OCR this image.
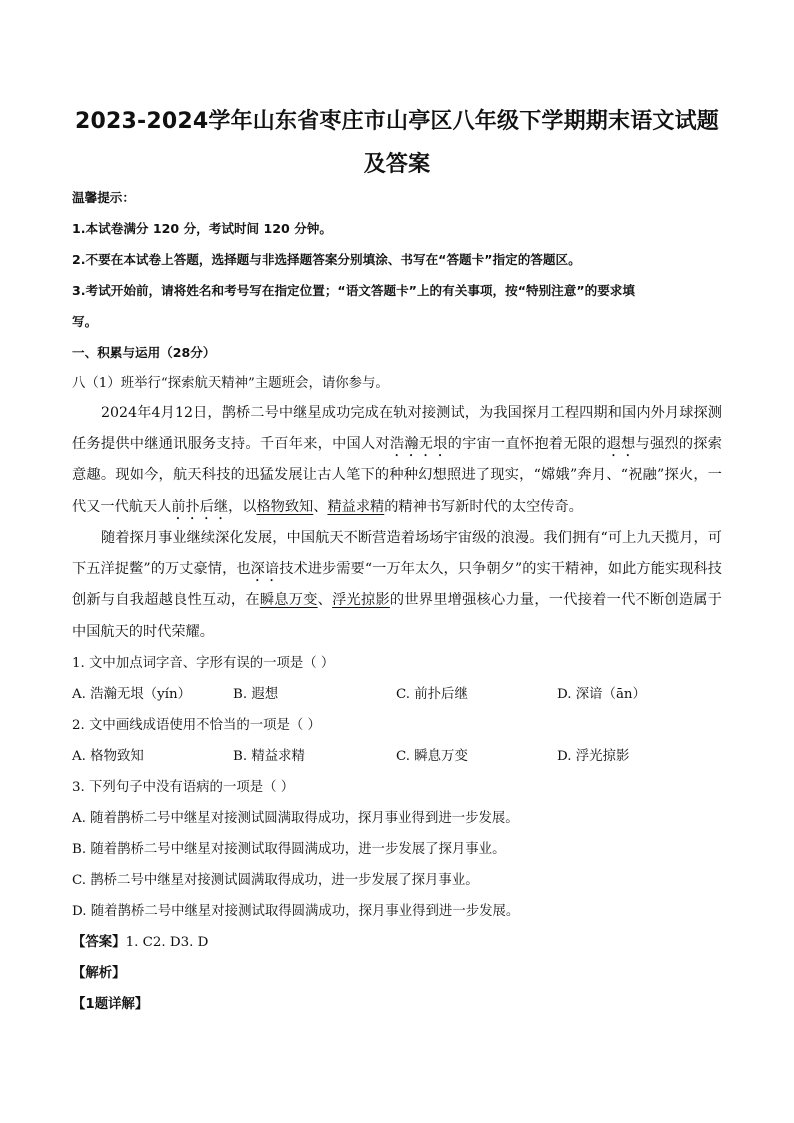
2023-2024学年山东省枣庄市山亭区八年级下学期期末语文试题及答案
温馨提示：
1.本试卷满分 120 分，考试时间 120 分钟。
2.不要在本试卷上答题，选择题与非选择题答案分别填涂、书写在“答题卡”指定的答题区。
3.考试开始前，请将姓名和考号写在指定位置；“语文答题卡”上的有关事项，按“特别注意”的要求填
写。
一、积累与运用（28分）
八（1）班举行“探索航天精神”主题班会，请你参与。
2024年4月12日，鹊桥二号中继星成功完成在轨对接测试，为我国探月工程四期和国内外月球探测任务提供中继通讯服务支持。千百年来，中国人对浩瀚无垠的宇宙一直怀抱着无限的遐想与强烈的探索意趣。现如今，航天科技的迅猛发展让古人笔下的种种幻想照进了现实，“嫦娥”奔月、“祝融”探火，一代又一代航天人前扑后继，以格物致知、精益求精的精神书写新时代的太空传奇。
随着探月事业继续深化发展，中国航天不断营造着场场宇宙级的浪漫。我们拥有“可上九天揽月，可下五洋捉鳖”的万丈豪情，也深谙技术进步需要“一万年太久，只争朝夕”的实干精神，如此方能实现科技创新与自我超越良性互动，在瞬息万变、浮光掠影的世界里增强核心力量，一代接着一代不断创造属于中国航天的时代荣耀。
1. 文中加点词字音、字形有误的一项是（ ）
A. 浩瀚无垠（yín）	B. 遐想	C. 前扑后继	D. 深谙（ān）
2. 文中画线成语使用不恰当的一项是（ ）
A. 格物致知	B. 精益求精	C. 瞬息万变	D. 浮光掠影
3. 下列句子中没有语病的一项是（ ）
A. 随着鹊桥二号中继星对接测试圆满取得成功，探月事业得到进一步发展。
B. 随着鹊桥二号中继星对接测试取得圆满成功，进一步发展了探月事业。
C. 鹊桥二号中继星对接测试圆满取得成功，进一步发展了探月事业。
D. 随着鹊桥二号中继星对接测试取得圆满成功，探月事业得到进一步发展。
【答案】1. C2. D3. D
【解析】
【1题详解】
